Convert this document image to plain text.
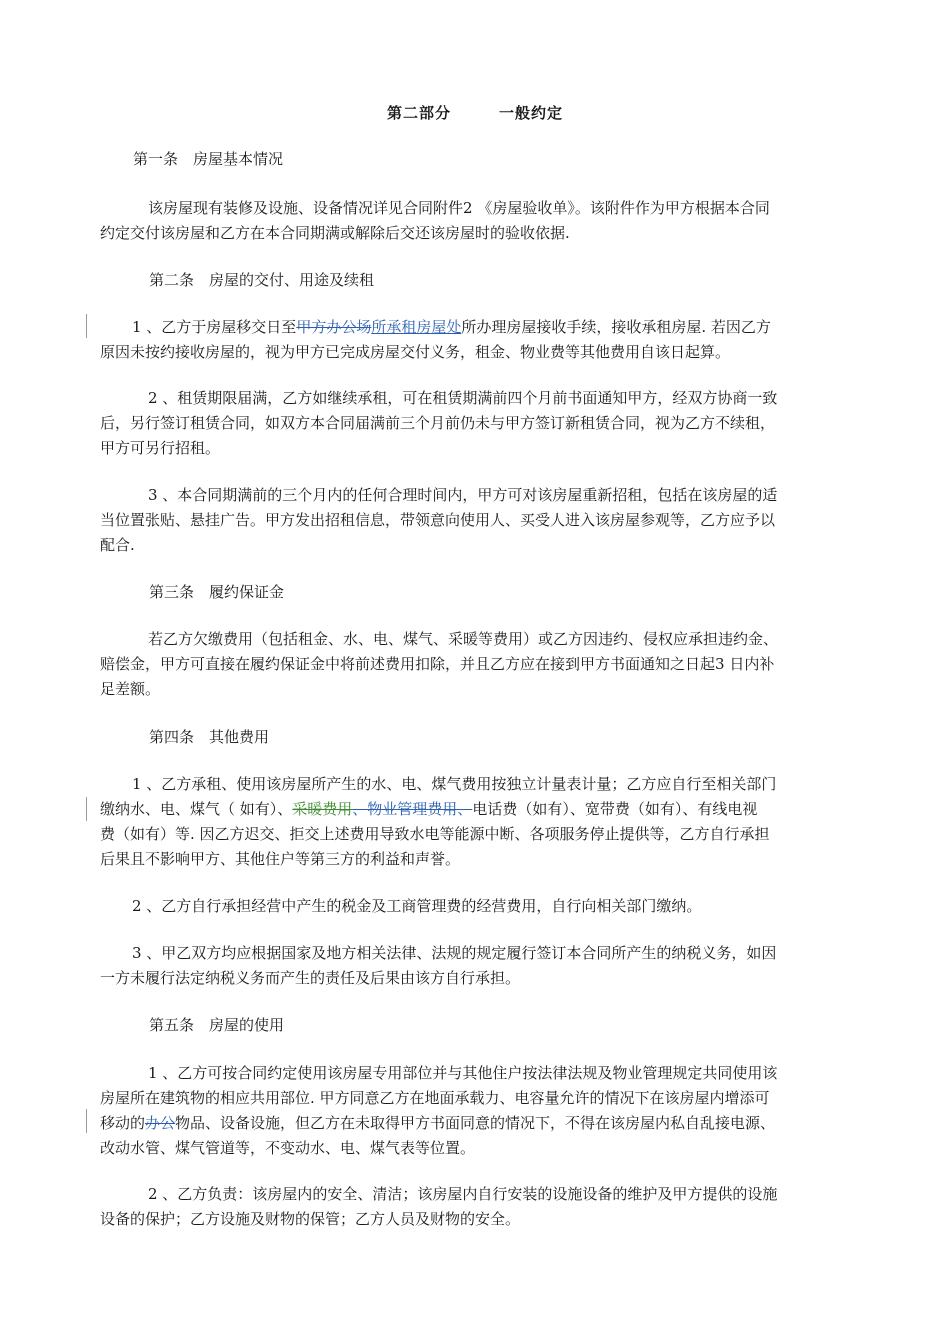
第二部分	一般约定
第一条　房屋基本情况
该房屋现有装修及设施、设备情况详见合同附件2 《房屋验收单》。该附件作为甲方根据本合同
约定交付该房屋和乙方在本合同期满或解除后交还该房屋时的验收依据.
第二条　房屋的交付、用途及续租
1 、乙方于房屋移交日至甲方办公场所承租房屋处所办理房屋接收手续，接收承租房屋. 若因乙方
原因未按约接收房屋的，视为甲方已完成房屋交付义务，租金、物业费等其他费用自该日起算。
2 、租赁期限届满，乙方如继续承租，可在租赁期满前四个月前书面通知甲方，经双方协商一致
后，另行签订租赁合同，如双方本合同届满前三个月前仍未与甲方签订新租赁合同，视为乙方不续租，
甲方可另行招租。
3 、本合同期满前的三个月内的任何合理时间内，甲方可对该房屋重新招租，包括在该房屋的适
当位置张贴、悬挂广告。甲方发出招租信息，带领意向使用人、买受人进入该房屋参观等，乙方应予以
配合.
第三条　履约保证金
若乙方欠缴费用（包括租金、水、电、煤气、采暖等费用）或乙方因违约、侵权应承担违约金、
赔偿金，甲方可直接在履约保证金中将前述费用扣除，并且乙方应在接到甲方书面通知之日起3 日内补
足差额。
第四条　其他费用
1 、乙方承租、使用该房屋所产生的水、电、煤气费用按独立计量表计量；乙方应自行至相关部门
缴纳水、电、煤气（ 如有）、采暖费用、物业管理费用、电话费（如有）、宽带费（如有）、有线电视
费（如有）等. 因乙方迟交、拒交上述费用导致水电等能源中断、各项服务停止提供等，乙方自行承担
后果且不影响甲方、其他住户等第三方的利益和声誉。
2 、乙方自行承担经营中产生的税金及工商管理费的经营费用，自行向相关部门缴纳。
3 、甲乙双方均应根据国家及地方相关法律、法规的规定履行签订本合同所产生的纳税义务，如因
一方未履行法定纳税义务而产生的责任及后果由该方自行承担。
第五条　房屋的使用
1 、乙方可按合同约定使用该房屋专用部位并与其他住户按法律法规及物业管理规定共同使用该
房屋所在建筑物的相应共用部位. 甲方同意乙方在地面承载力、电容量允许的情况下在该房屋内增添可
移动的办公物品、设备设施，但乙方在未取得甲方书面同意的情况下，不得在该房屋内私自乱接电源、
改动水管、煤气管道等，不变动水、电、煤气表等位置。
2 、乙方负责：该房屋内的安全、清洁；该房屋内自行安装的设施设备的维护及甲方提供的设施
设备的保护；乙方设施及财物的保管；乙方人员及财物的安全。
